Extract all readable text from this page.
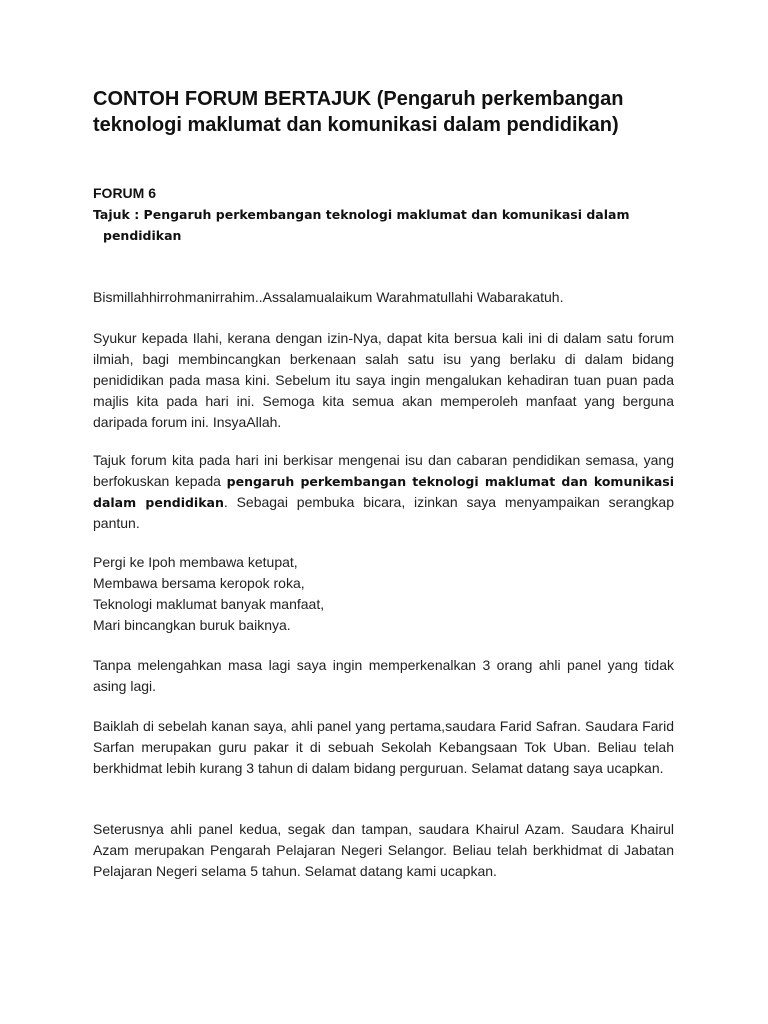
CONTOH FORUM BERTAJUK (Pengaruh perkembangan teknologi maklumat dan komunikasi dalam pendidikan)

FORUM 6

Tajuk : Pengaruh perkembangan teknologi maklumat dan komunikasi dalam
pendidikan

Bismillahhirrohmanirrahim..Assalamualaikum Warahmatullahi Wabarakatuh.

Syukur kepada Ilahi, kerana dengan izin-Nya, dapat kita bersua kali ini di dalam satu forum ilmiah, bagi membincangkan berkenaan salah satu isu yang berlaku di dalam bidang penididikan pada masa kini. Sebelum itu saya ingin mengalukan kehadiran tuan puan pada majlis kita pada hari ini. Semoga kita semua akan memperoleh manfaat yang berguna daripada forum ini. InsyaAllah.

Tajuk forum kita pada hari ini berkisar mengenai isu dan cabaran pendidikan semasa, yang berfokuskan kepada pengaruh perkembangan teknologi maklumat dan komunikasi dalam pendidikan. Sebagai pembuka bicara, izinkan saya menyampaikan serangkap pantun.

Pergi ke Ipoh membawa ketupat,
Membawa bersama keropok roka,
Teknologi maklumat banyak manfaat,
Mari bincangkan buruk baiknya.

Tanpa melengahkan masa lagi saya ingin memperkenalkan 3 orang ahli panel yang tidak asing lagi.

Baiklah di sebelah kanan saya, ahli panel yang pertama,saudara Farid Safran. Saudara Farid Sarfan merupakan guru pakar it di sebuah Sekolah Kebangsaan Tok Uban. Beliau telah berkhidmat lebih kurang 3 tahun di dalam bidang perguruan. Selamat datang saya ucapkan.

Seterusnya ahli panel kedua, segak dan tampan, saudara Khairul Azam. Saudara Khairul Azam merupakan Pengarah Pelajaran Negeri Selangor. Beliau telah berkhidmat di Jabatan Pelajaran Negeri selama 5 tahun. Selamat datang kami ucapkan.
